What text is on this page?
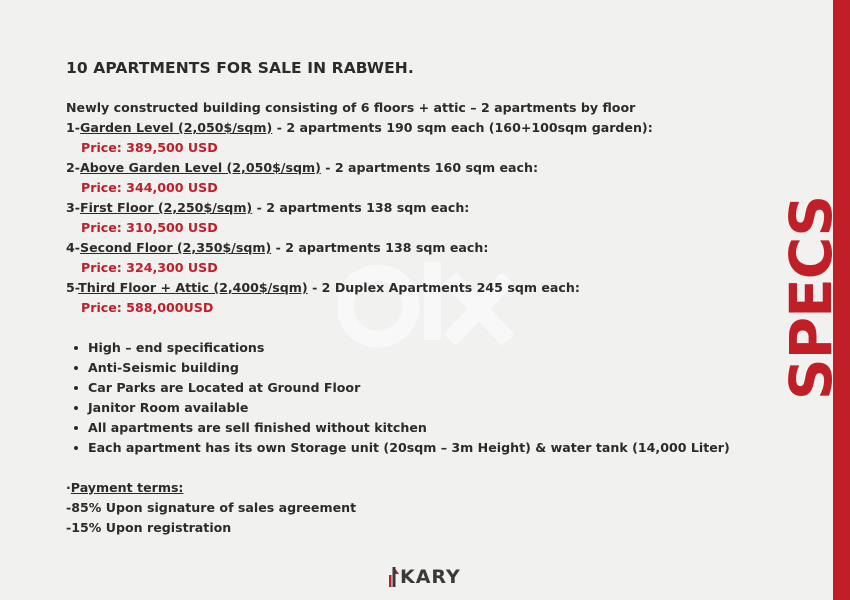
SPECS
10 APARTMENTS FOR SALE IN RABWEH.
Newly constructed building consisting of 6 floors + attic – 2 apartments by floor
1-Garden Level (2,050$/sqm) - 2 apartments 190 sqm each (160+100sqm garden):
Price: 389,500 USD
2-Above Garden Level (2,050$/sqm) - 2 apartments 160 sqm each:
Price: 344,000 USD
3-First Floor (2,250$/sqm) - 2 apartments 138 sqm each:
Price: 310,500 USD
4-Second Floor (2,350$/sqm) - 2 apartments 138 sqm each:
Price: 324,300 USD
5-Third Floor + Attic (2,400$/sqm) - 2 Duplex Apartments 245 sqm each:
Price: 588,000USD
High – end specifications
Anti-Seismic building
Car Parks are Located at Ground Floor
Janitor Room available
All apartments are sell finished without kitchen
Each apartment has its own Storage unit (20sqm – 3m Height) & water tank (14,000 Liter)
·Payment terms:
-85% Upon signature of sales agreement
-15% Upon registration
KARY
